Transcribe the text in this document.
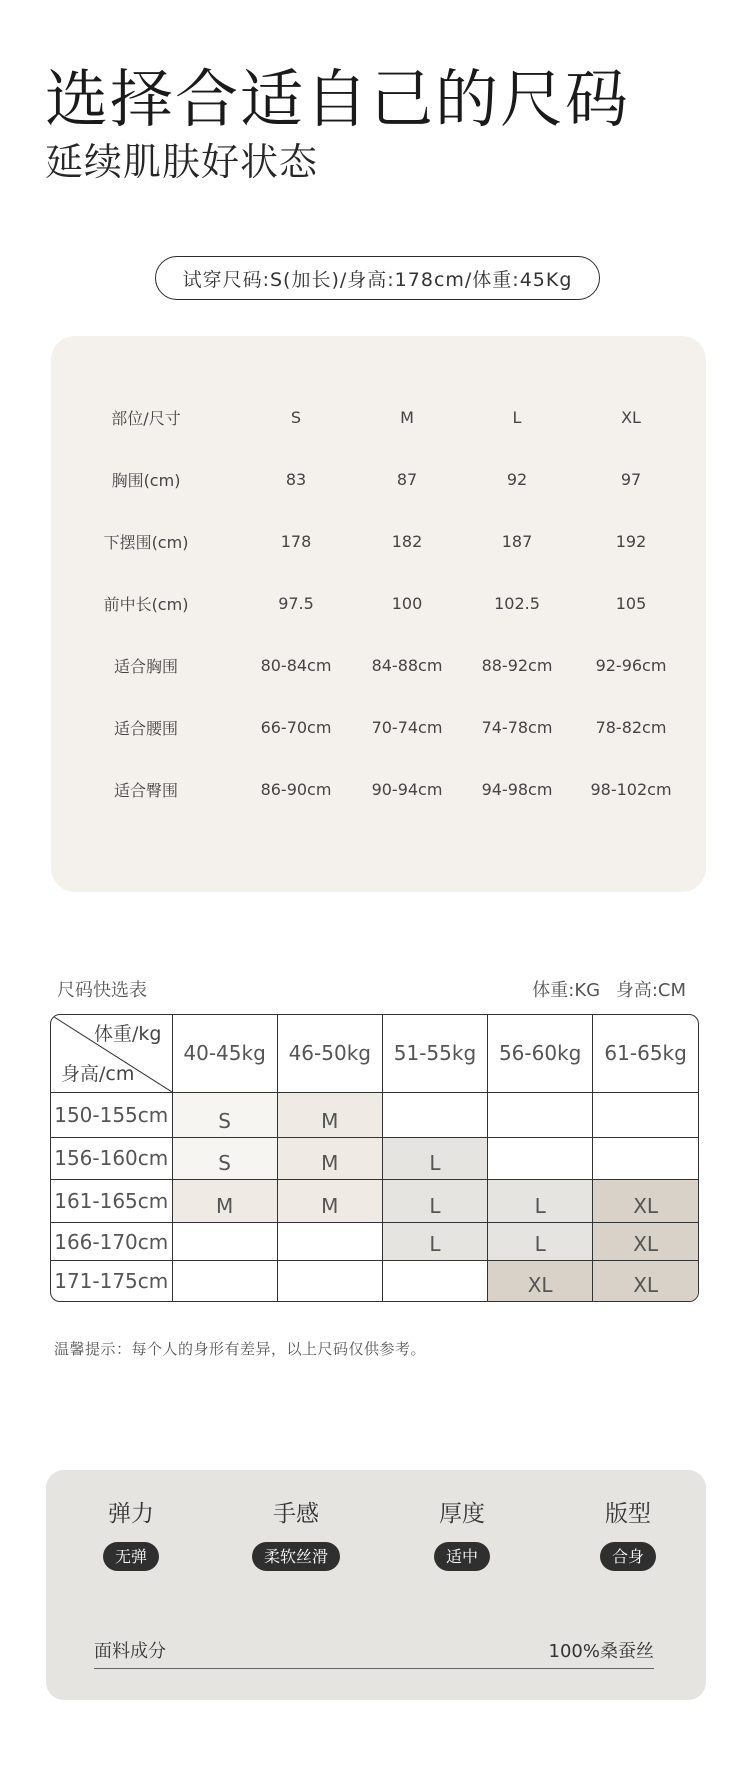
选择合适自己的尺码
延续肌肤好状态
试穿尺码:S(加长)/身高:178cm/体重:45Kg
部位/尺寸	S	M	L	XL
胸围(cm)	83	87	92	97
下摆围(cm)	178	182	187	192
前中长(cm)	97.5	100	102.5	105
适合胸围	80-84cm	84-88cm	88-92cm	92-96cm
适合腰围	66-70cm	70-74cm	74-78cm	78-82cm
适合臀围	86-90cm	90-94cm	94-98cm	98-102cm
尺码快选表	体重:KG 身高:CM
体重/kg
身高/cm	40-45kg	46-50kg	51-55kg	56-60kg	61-65kg
150-155cm	S	M			
156-160cm	S	M	L		
161-165cm	M	M	L	L	XL
166-170cm			L	L	XL
171-175cm				XL	XL
温馨提示：每个人的身形有差异，以上尺码仅供参考。
弹力
无弹
手感
柔软丝滑
厚度
适中
版型
合身
面料成分	100%桑蚕丝
